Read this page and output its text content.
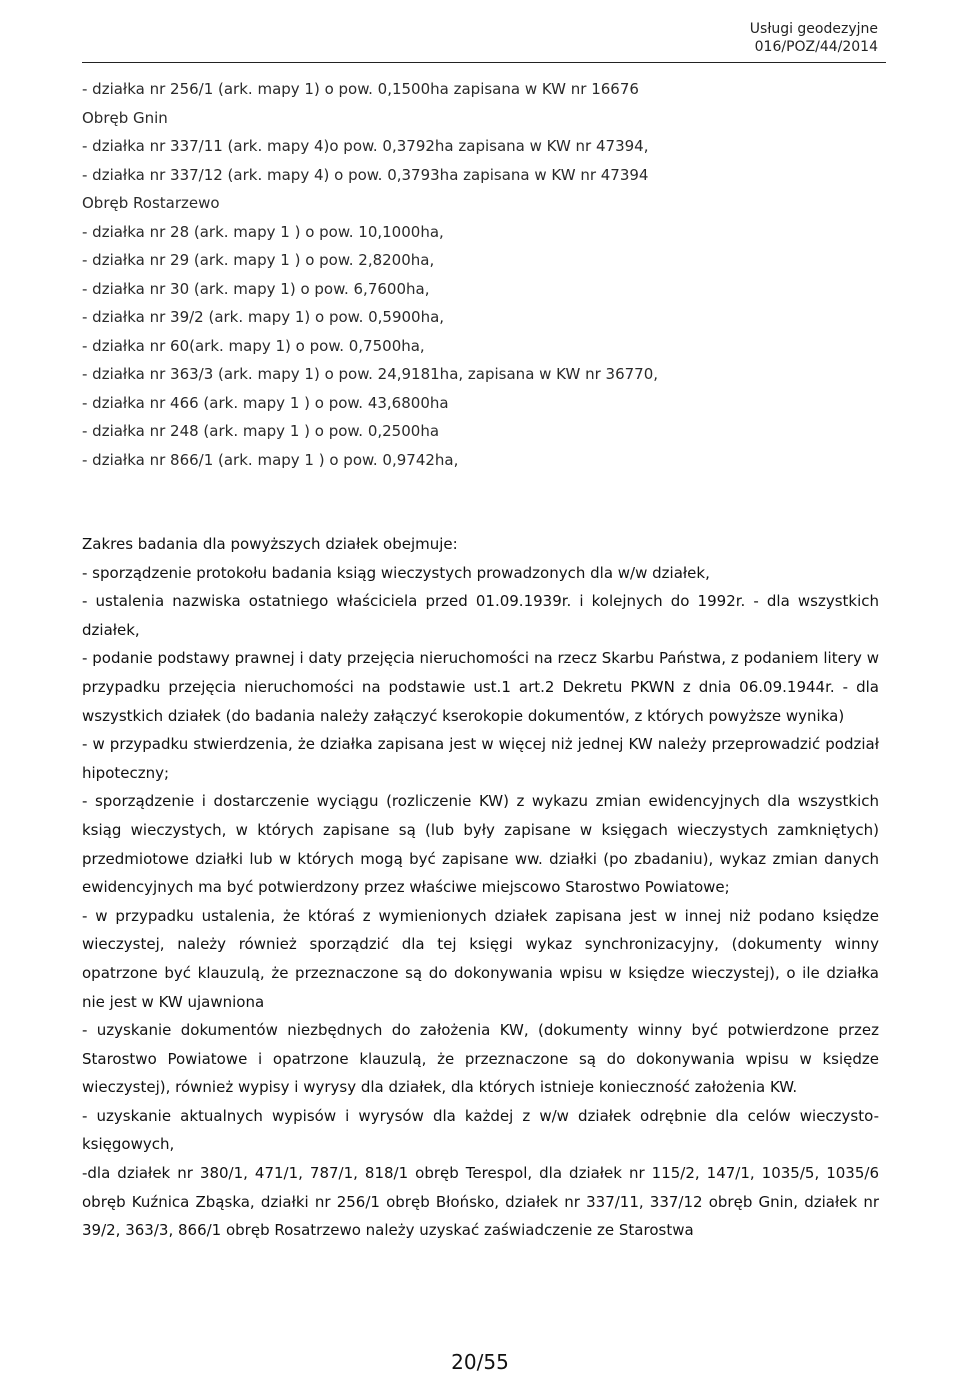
Usługi geodezyjne
016/POZ/44/2014
- działka nr 256/1 (ark. mapy 1) o pow. 0,1500ha zapisana w KW nr 16676
Obręb Gnin
- działka nr 337/11 (ark. mapy 4)o pow. 0,3792ha zapisana w KW nr 47394,
- działka nr 337/12 (ark. mapy 4) o pow. 0,3793ha zapisana w KW nr 47394
Obręb Rostarzewo
- działka nr 28 (ark. mapy 1 ) o pow. 10,1000ha,
- działka nr 29 (ark. mapy 1 ) o pow. 2,8200ha,
- działka nr 30 (ark. mapy 1) o pow. 6,7600ha,
- działka nr 39/2 (ark. mapy 1) o pow. 0,5900ha,
- działka nr 60(ark. mapy 1) o pow. 0,7500ha,
- działka nr 363/3 (ark. mapy 1) o pow. 24,9181ha, zapisana w KW nr 36770,
- działka nr 466 (ark. mapy 1 ) o pow. 43,6800ha
- działka nr 248 (ark. mapy 1 ) o pow. 0,2500ha
- działka nr 866/1 (ark. mapy 1 ) o pow. 0,9742ha,

Zakres badania dla powyższych działek obejmuje:

- sporządzenie protokołu badania ksiąg wieczystych prowadzonych dla w/w działek,

- ustalenia nazwiska ostatniego właściciela przed 01.09.1939r. i kolejnych do 1992r. - dla wszystkich działek,

- podanie podstawy prawnej i daty przejęcia nieruchomości na rzecz Skarbu Państwa, z podaniem litery w przypadku przejęcia nieruchomości na podstawie ust.1 art.2 Dekretu PKWN z dnia 06.09.1944r. - dla wszystkich działek (do badania należy załączyć kserokopie dokumentów, z których powyższe wynika)

- w przypadku stwierdzenia, że działka zapisana jest w więcej niż jednej KW należy przeprowadzić podział hipoteczny;

- sporządzenie i dostarczenie wyciągu (rozliczenie KW) z wykazu zmian ewidencyjnych dla wszystkich ksiąg wieczystych, w których zapisane są (lub były zapisane w księgach wieczystych zamkniętych) przedmiotowe działki lub w których mogą być zapisane ww. działki (po zbadaniu), wykaz zmian danych ewidencyjnych ma być potwierdzony przez właściwe miejscowo Starostwo Powiatowe;

- w przypadku ustalenia, że któraś z wymienionych działek zapisana jest w innej niż podano księdze wieczystej, należy również sporządzić dla tej księgi wykaz synchronizacyjny, (dokumenty winny opatrzone być klauzulą, że przeznaczone są do dokonywania wpisu w księdze wieczystej), o ile działka nie jest w KW ujawniona

- uzyskanie dokumentów niezbędnych do założenia KW, (dokumenty winny być potwierdzone przez Starostwo Powiatowe i opatrzone klauzulą, że przeznaczone są do dokonywania wpisu w księdze wieczystej), również wypisy i wyrysy dla działek, dla których istnieje konieczność założenia KW.

- uzyskanie aktualnych wypisów i wyrysów dla każdej z w/w działek odrębnie dla celów wieczysto-księgowych,

-dla działek nr 380/1, 471/1, 787/1, 818/1 obręb Terespol, dla działek nr 115/2, 147/1, 1035/5, 1035/6 obręb Kuźnica Zbąska, działki nr 256/1 obręb Błońsko, działek nr 337/11, 337/12 obręb Gnin, działek nr 39/2, 363/3, 866/1 obręb Rosatrzewo należy uzyskać zaświadczenie ze Starostwa

20/55
